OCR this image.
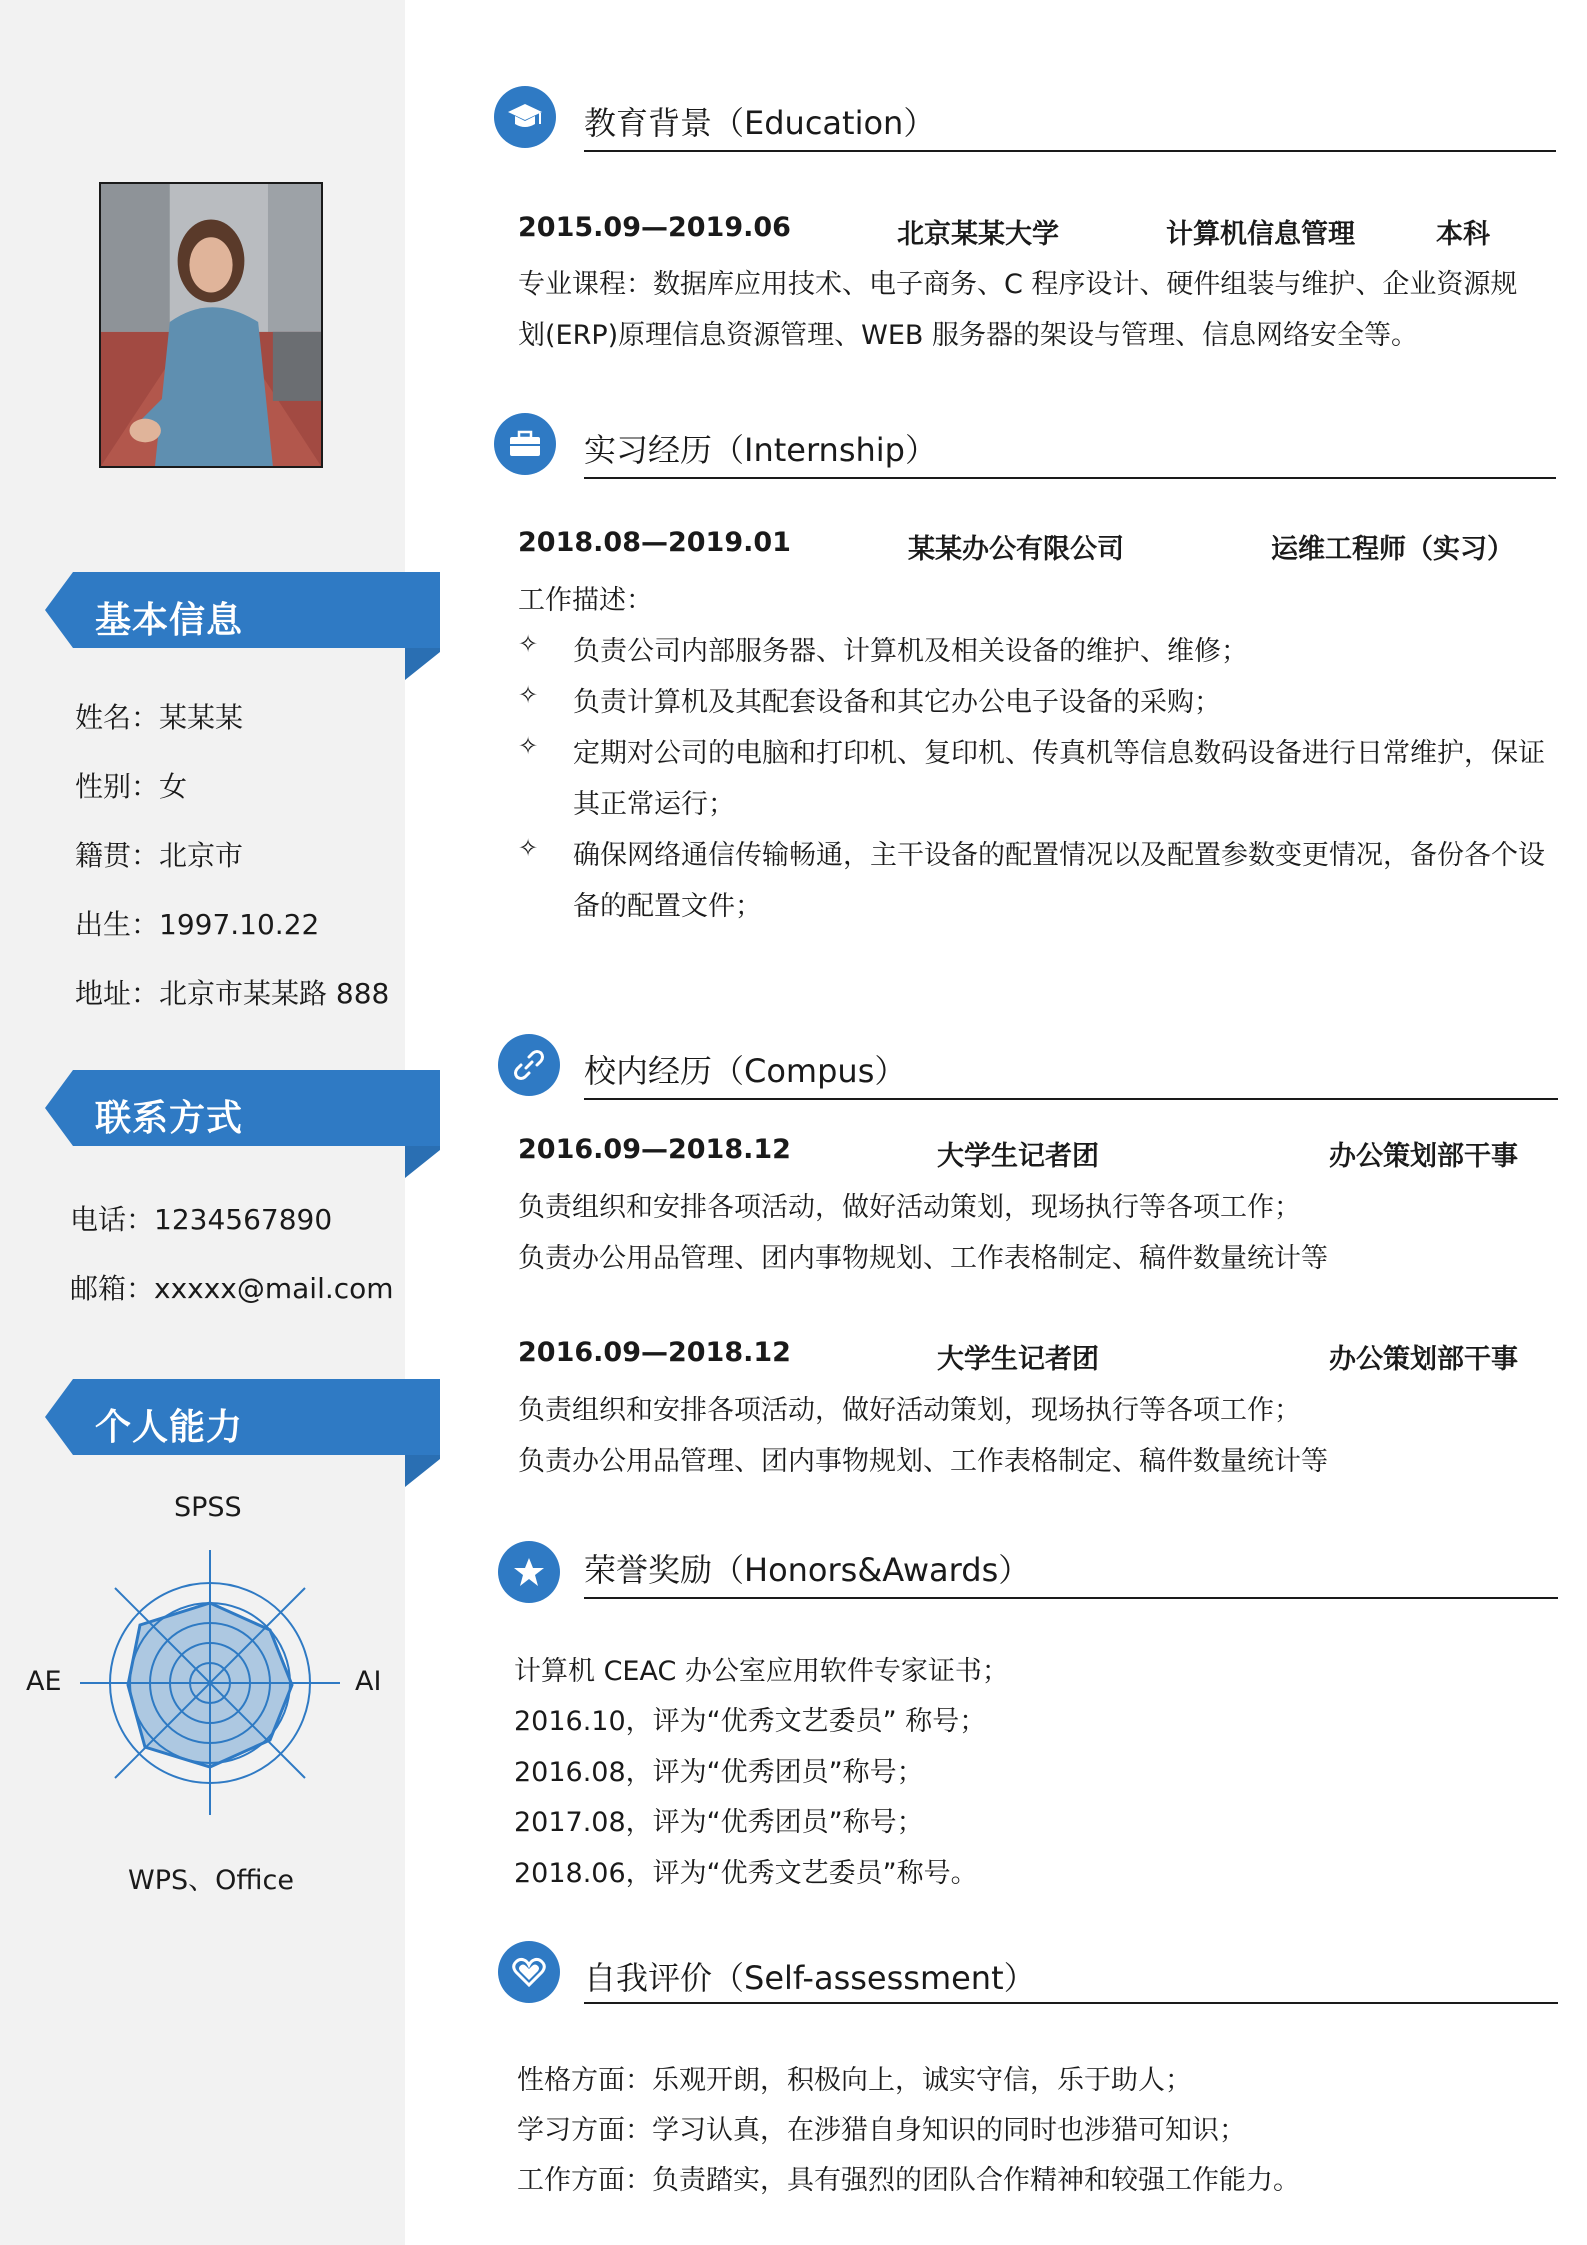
基本信息
姓名：某某某
性别：女
籍贯：北京市
出生：1997.10.22
地址：北京市某某路 888
联系方式
电话：1234567890
邮箱：xxxxx@mail.com
个人能力
SPSS
AE	AI
WPS、Office
教育背景（Education）
2015.09—2019.06	北京某某大学	计算机信息管理	本科
专业课程：数据库应用技术、电子商务、C 程序设计、硬件组装与维护、企业资源规
划(ERP)原理信息资源管理、WEB 服务器的架设与管理、信息网络安全等。
实习经历（Internship）
2018.08—2019.01	某某办公有限公司	运维工程师（实习）
工作描述：
✧ 负责公司内部服务器、计算机及相关设备的维护、维修；
✧ 负责计算机及其配套设备和其它办公电子设备的采购；
✧ 定期对公司的电脑和打印机、复印机、传真机等信息数码设备进行日常维护，保证
其正常运行；
✧ 确保网络通信传输畅通，主干设备的配置情况以及配置参数变更情况，备份各个设
备的配置文件；
校内经历（Compus）
2016.09—2018.12	大学生记者团	办公策划部干事
负责组织和安排各项活动，做好活动策划，现场执行等各项工作；
负责办公用品管理、团内事物规划、工作表格制定、稿件数量统计等
2016.09—2018.12	大学生记者团	办公策划部干事
负责组织和安排各项活动，做好活动策划，现场执行等各项工作；
负责办公用品管理、团内事物规划、工作表格制定、稿件数量统计等
荣誉奖励（Honors&Awards）
计算机 CEAC 办公室应用软件专家证书；
2016.10，评为“优秀文艺委员” 称号；
2016.08，评为“优秀团员”称号；
2017.08，评为“优秀团员”称号；
2018.06，评为“优秀文艺委员”称号。
自我评价（Self-assessment）
性格方面：乐观开朗，积极向上，诚实守信，乐于助人；
学习方面：学习认真，在涉猎自身知识的同时也涉猎可知识；
工作方面：负责踏实，具有强烈的团队合作精神和较强工作能力。
